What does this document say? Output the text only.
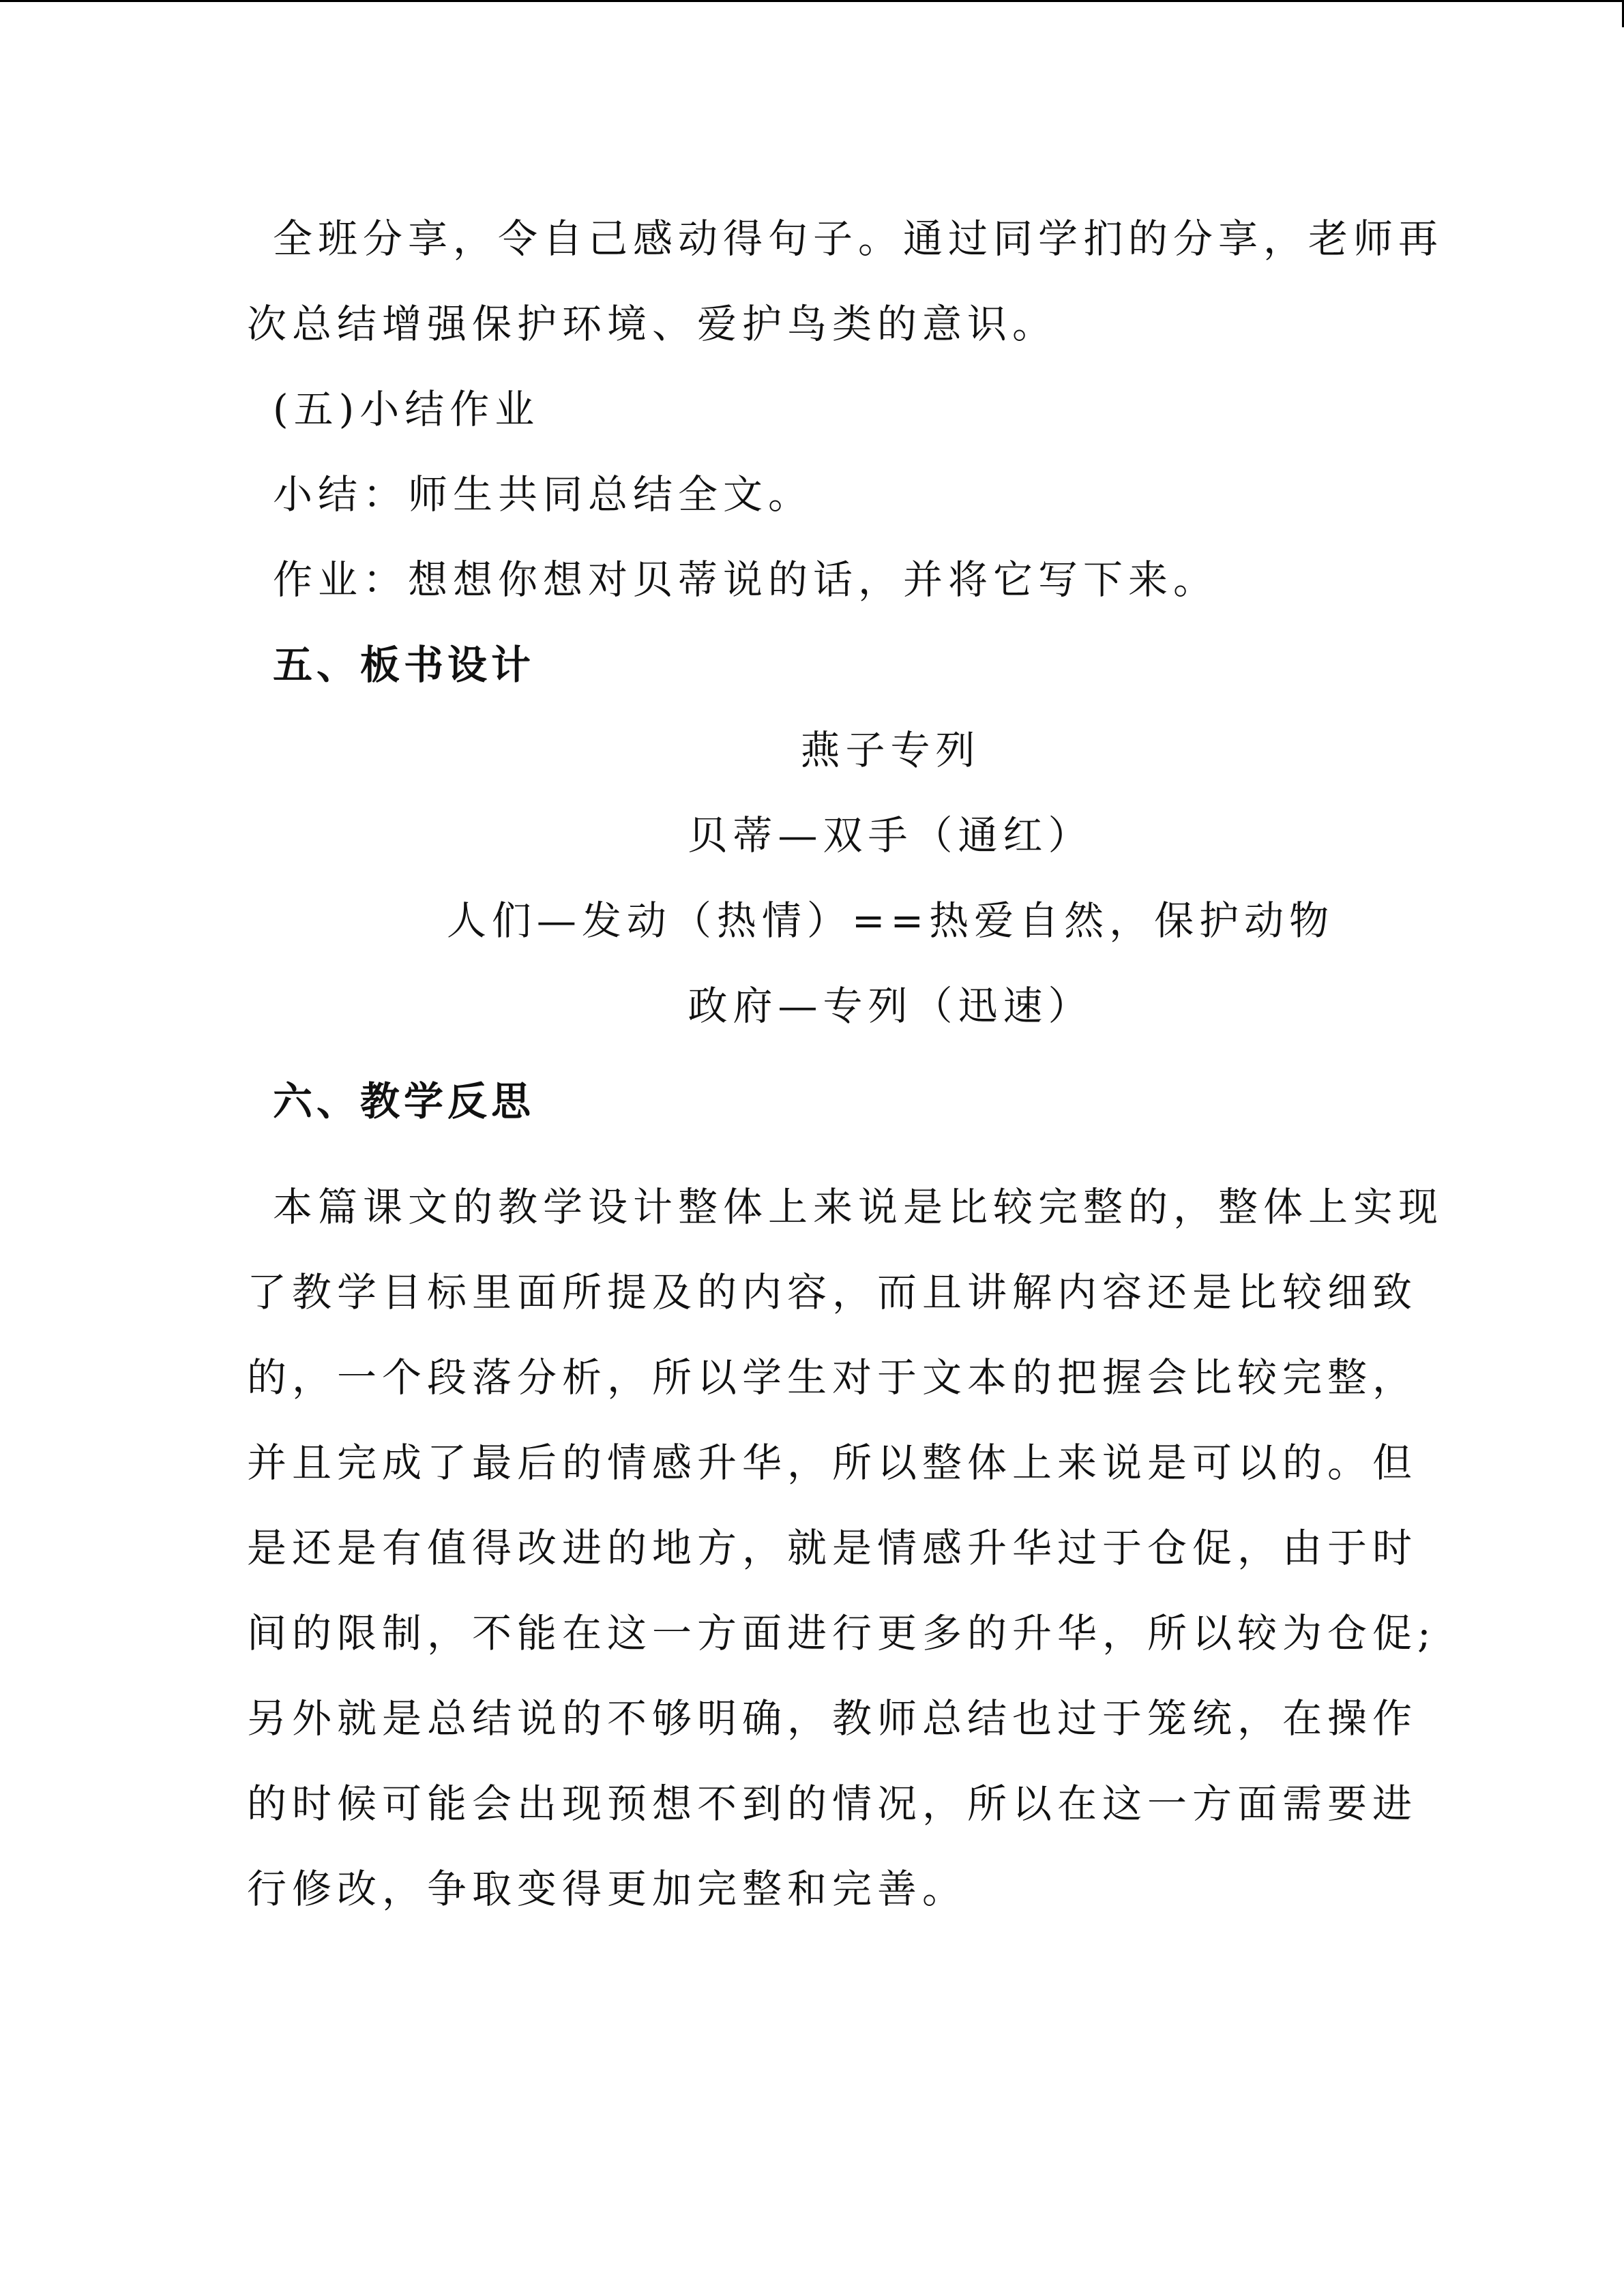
全班分享，令自己感动得句子。通过同学扪的分享，老师再
次总结增强保护环境、爱护鸟类的意识。
(五)小结作业
小结：师生共同总结全文。
作业：想想你想对贝蒂说的话，并将它写下来。
五、板书设计
燕子专列
贝蒂—双手（通红）
人们—发动（热情）==热爱自然，保护动物
政府—专列（迅速）
六、教学反思
本篇课文的教学设计整体上来说是比较完整的，整体上实现
了教学目标里面所提及的内容，而且讲解内容还是比较细致
的，一个段落分析，所以学生对于文本的把握会比较完整，
并且完成了最后的情感升华，所以整体上来说是可以的。但
是还是有值得改进的地方，就是情感升华过于仓促，由于时
间的限制，不能在这一方面进行更多的升华，所以较为仓促;
另外就是总结说的不够明确，教师总结也过于笼统，在操作
的时候可能会出现预想不到的情况，所以在这一方面需要进
行修改，争取变得更加完整和完善。
